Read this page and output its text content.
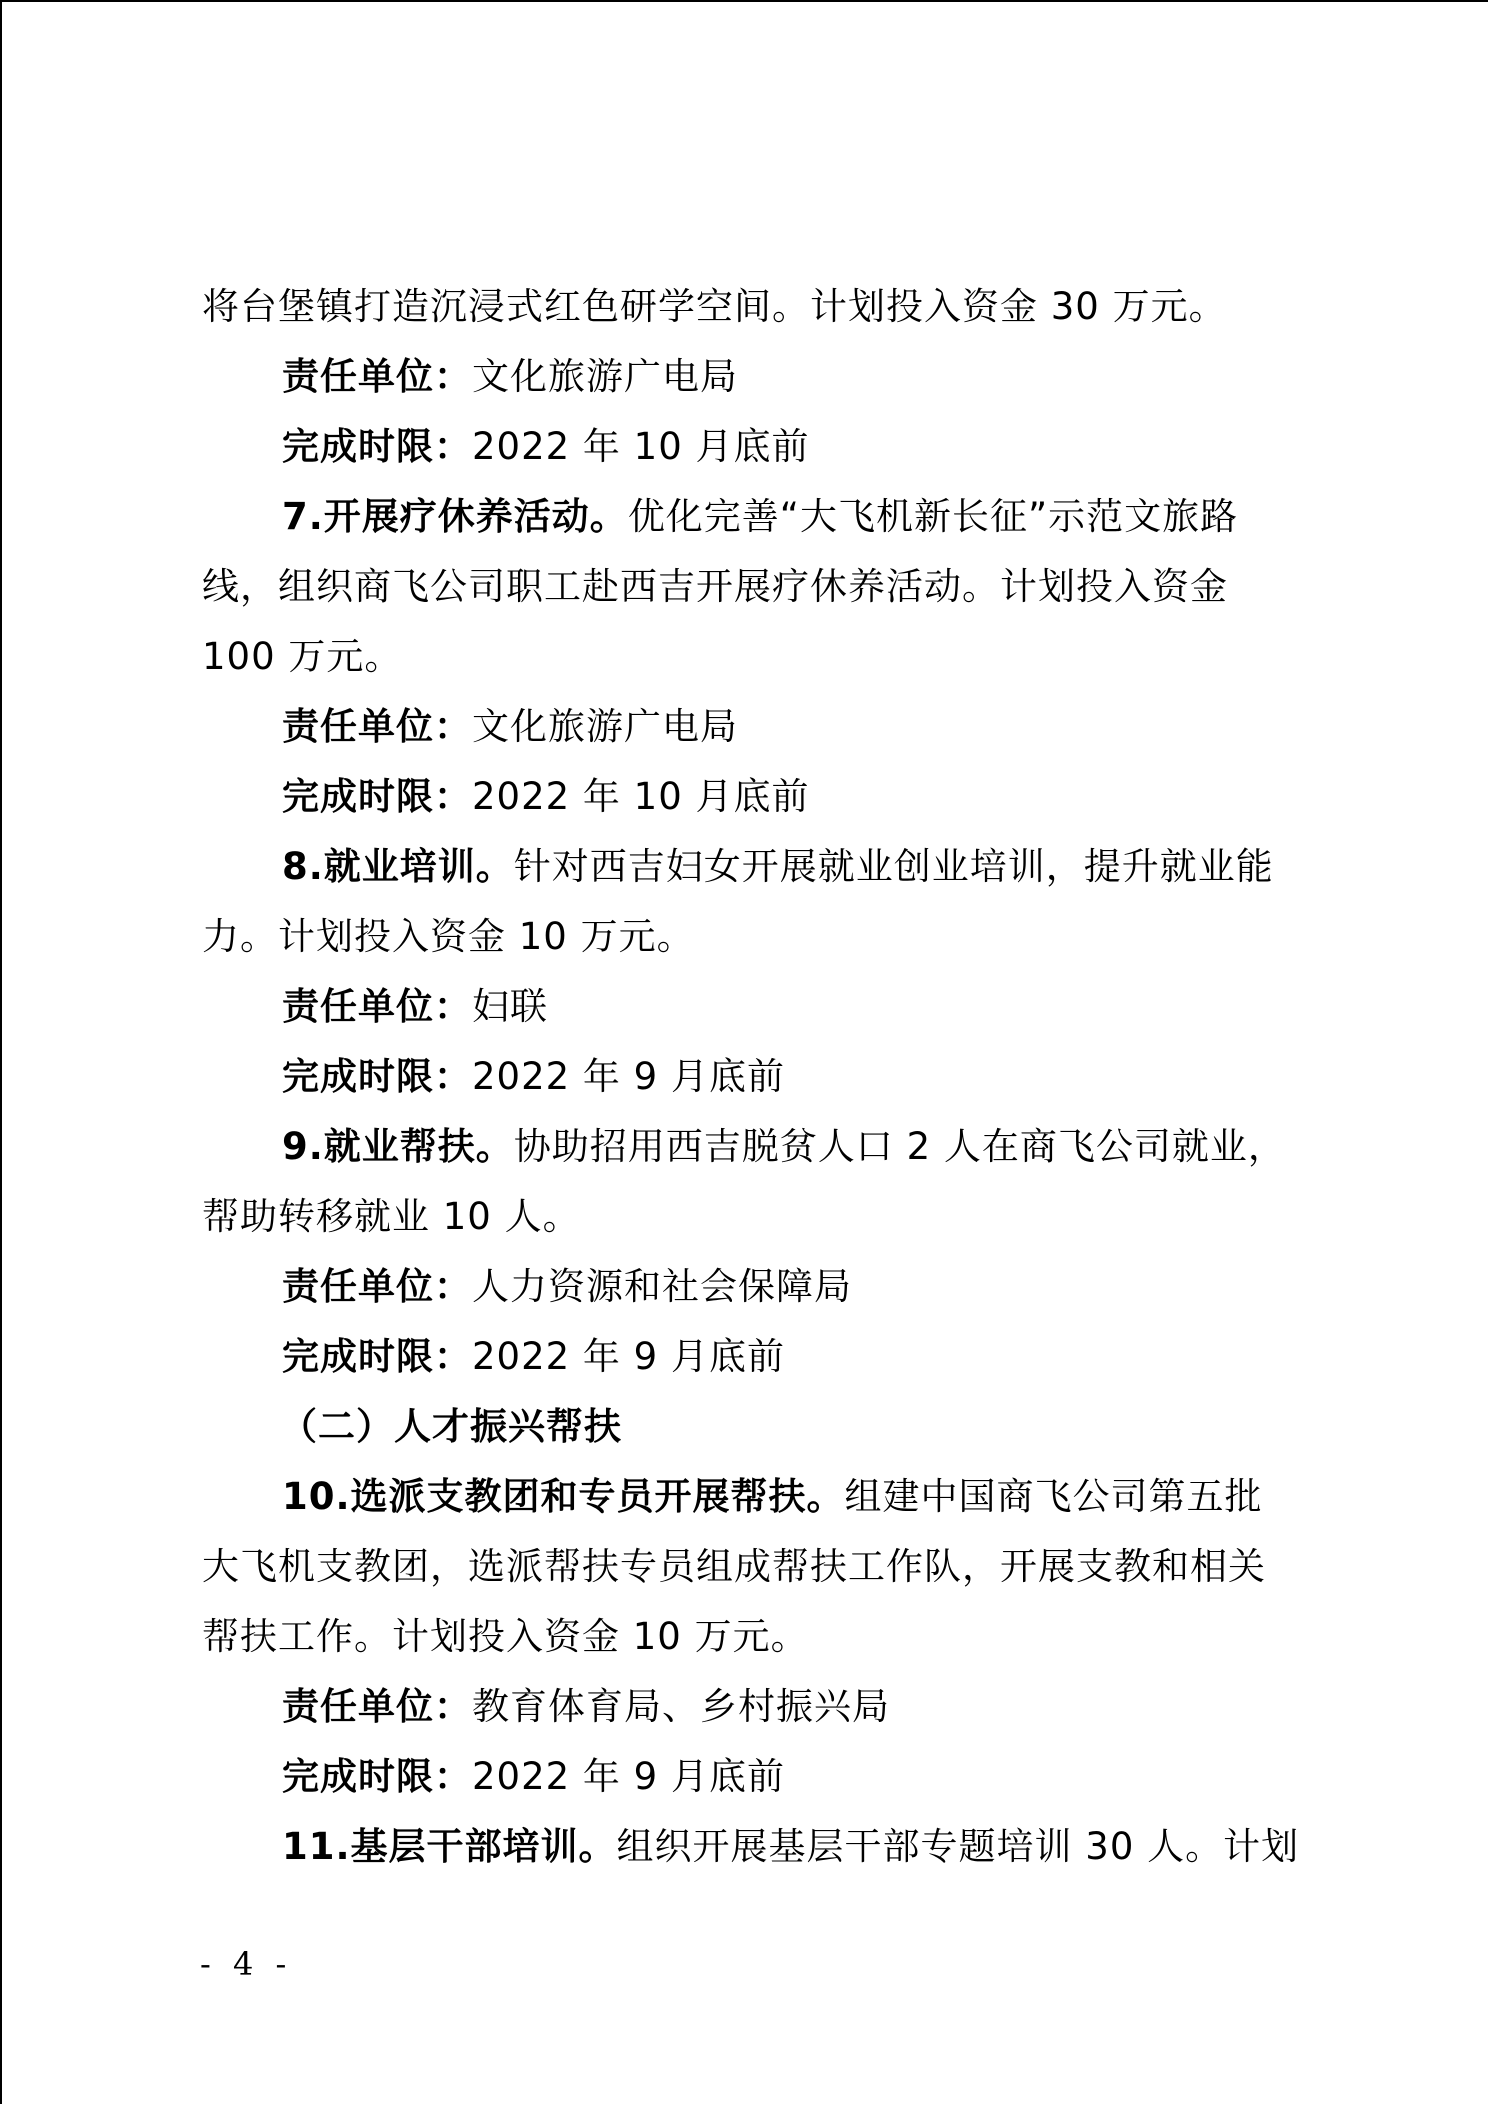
将台堡镇打造沉浸式红色研学空间。计划投入资金 30 万元。
责任单位：文化旅游广电局
完成时限：2022 年 10 月底前
7.开展疗休养活动。优化完善“大飞机新长征”示范文旅路
线，组织商飞公司职工赴西吉开展疗休养活动。计划投入资金
100 万元。
责任单位：文化旅游广电局
完成时限：2022 年 10 月底前
8.就业培训。针对西吉妇女开展就业创业培训，提升就业能
力。计划投入资金 10 万元。
责任单位：妇联
完成时限：2022 年 9 月底前
9.就业帮扶。协助招用西吉脱贫人口 2 人在商飞公司就业，
帮助转移就业 10 人。
责任单位：人力资源和社会保障局
完成时限：2022 年 9 月底前
（二）人才振兴帮扶
10.选派支教团和专员开展帮扶。组建中国商飞公司第五批
大飞机支教团，选派帮扶专员组成帮扶工作队，开展支教和相关
帮扶工作。计划投入资金 10 万元。
责任单位：教育体育局、乡村振兴局
完成时限：2022 年 9 月底前
11.基层干部培训。组织开展基层干部专题培训 30 人。计划
- 4 -
